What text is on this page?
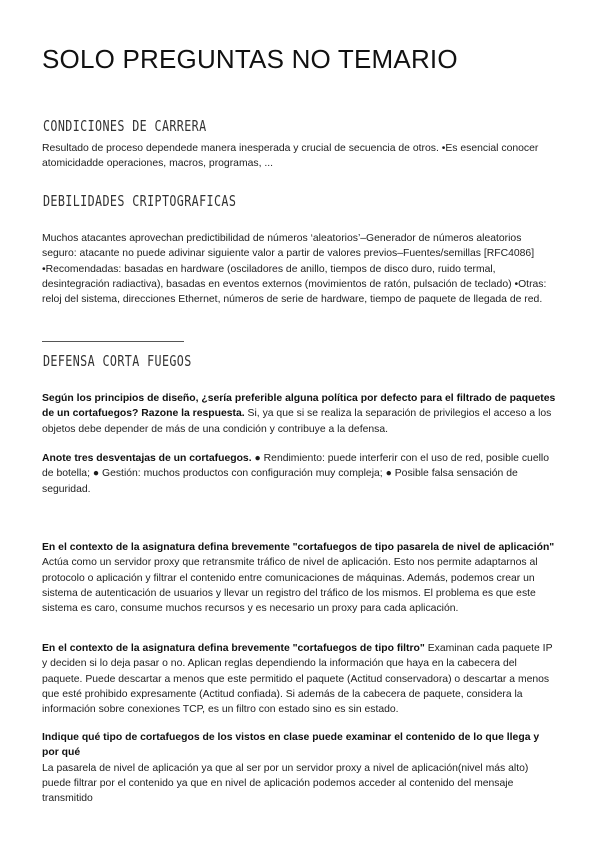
SOLO PREGUNTAS NO TEMARIO
CONDICIONES DE CARRERA

Resultado de proceso dependede manera inesperada y crucial de secuencia de otros. •Es esencial conocer atomicidadde operaciones, macros, programas, ...

DEBILIDADES CRIPTOGRAFICAS

Muchos atacantes aprovechan predictibilidad de números ‘aleatorios’–Generador de números aleatorios seguro: atacante no puede adivinar siguiente valor a partir de valores previos–Fuentes/semillas [RFC4086] •Recomendadas: basadas en hardware (osciladores de anillo, tiempos de disco duro, ruido termal, desintegración radiactiva), basadas en eventos externos (movimientos de ratón, pulsación de teclado) •Otras: reloj del sistema, direcciones Ethernet, números de serie de hardware, tiempo de paquete de llegada de red.

DEFENSA CORTA FUEGOS

Según los principios de diseño, ¿sería preferible alguna política por defecto para el filtrado de paquetes de un cortafuegos? Razone la respuesta. Si, ya que si se realiza la separación de privilegios el acceso a los objetos debe depender de más de una condición y contribuye a la defensa.

Anote tres desventajas de un cortafuegos. ● Rendimiento: puede interferir con el uso de red, posible cuello de botella; ● Gestión: muchos productos con configuración muy compleja; ● Posible falsa sensación de seguridad.

En el contexto de la asignatura defina brevemente "cortafuegos de tipo pasarela de nivel de aplicación" Actúa como un servidor proxy que retransmite tráfico de nivel de aplicación. Esto nos permite adaptarnos al protocolo o aplicación y filtrar el contenido entre comunicaciones de máquinas. Además, podemos crear un sistema de autenticación de usuarios y llevar un registro del tráfico de los mismos. El problema es que este sistema es caro, consume muchos recursos y es necesario un proxy para cada aplicación.

En el contexto de la asignatura defina brevemente "cortafuegos de tipo filtro" Examinan cada paquete IP y deciden si lo deja pasar o no. Aplican reglas dependiendo la información que haya en la cabecera del paquete. Puede descartar a menos que este permitido el paquete (Actitud conservadora) o descartar a menos que esté prohibido expresamente (Actitud confiada). Si además de la cabecera de paquete, considera la información sobre conexiones TCP, es un filtro con estado sino es sin estado.

Indique qué tipo de cortafuegos de los vistos en clase puede examinar el contenido de lo que llega y por qué
La pasarela de nivel de aplicación ya que al ser por un servidor proxy a nivel de aplicación(nivel más alto) puede filtrar por el contenido ya que en nivel de aplicación podemos acceder al contenido del mensaje transmitido
